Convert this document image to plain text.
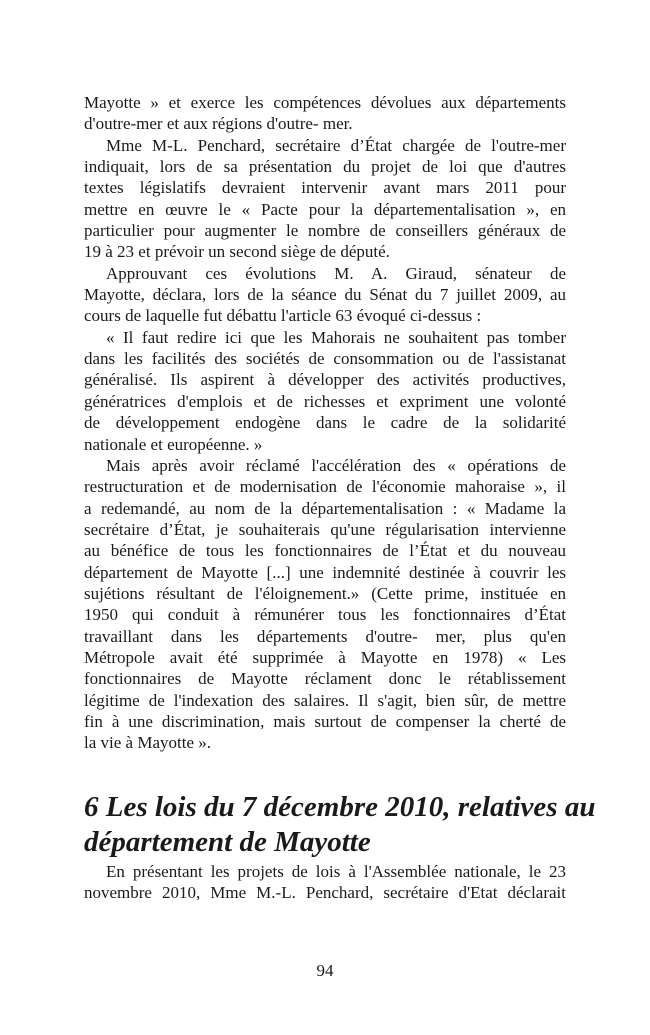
Mayotte » et exerce les compétences dévolues aux départements
d'outre-mer et aux régions d'outre- mer.
Mme M-L. Penchard, secrétaire d’État chargée de l'outre-mer
indiquait, lors de sa présentation du projet de loi que d'autres
textes législatifs devraient intervenir avant mars 2011 pour
mettre en œuvre le « Pacte pour la départementalisation », en
particulier pour augmenter le nombre de conseillers généraux de
19 à 23 et prévoir un second siège de député.
Approuvant ces évolutions M. A. Giraud, sénateur de
Mayotte, déclara, lors de la séance du Sénat du 7 juillet 2009, au
cours de laquelle fut débattu l'article 63 évoqué ci-dessus :
« Il faut redire ici que les Mahorais ne souhaitent pas tomber
dans les facilités des sociétés de consommation ou de l'assistanat
généralisé. Ils aspirent à développer des activités productives,
génératrices d'emplois et de richesses et expriment une volonté
de développement endogène dans le cadre de la solidarité
nationale et européenne. »
Mais après avoir réclamé l'accélération des « opérations de
restructuration et de modernisation de l'économie mahoraise », il
a redemandé, au nom de la départementalisation : « Madame la
secrétaire d’État, je souhaiterais qu'une régularisation intervienne
au bénéfice de tous les fonctionnaires de l’État et du nouveau
département de Mayotte [...] une indemnité destinée à couvrir les
sujétions résultant de l'éloignement.» (Cette prime, instituée en
1950 qui conduit à rémunérer tous les fonctionnaires d’État
travaillant dans les départements d'outre- mer, plus qu'en
Métropole avait été supprimée à Mayotte en 1978) « Les
fonctionnaires de Mayotte réclament donc le rétablissement
légitime de l'indexation des salaires. Il s'agit, bien sûr, de mettre
fin à une discrimination, mais surtout de compenser la cherté de
la vie à Mayotte ».
6 Les lois du 7 décembre 2010, relatives au
département de Mayotte
En présentant les projets de lois à l'Assemblée nationale, le 23
novembre 2010, Mme M.-L. Penchard, secrétaire d'Etat déclarait
94
